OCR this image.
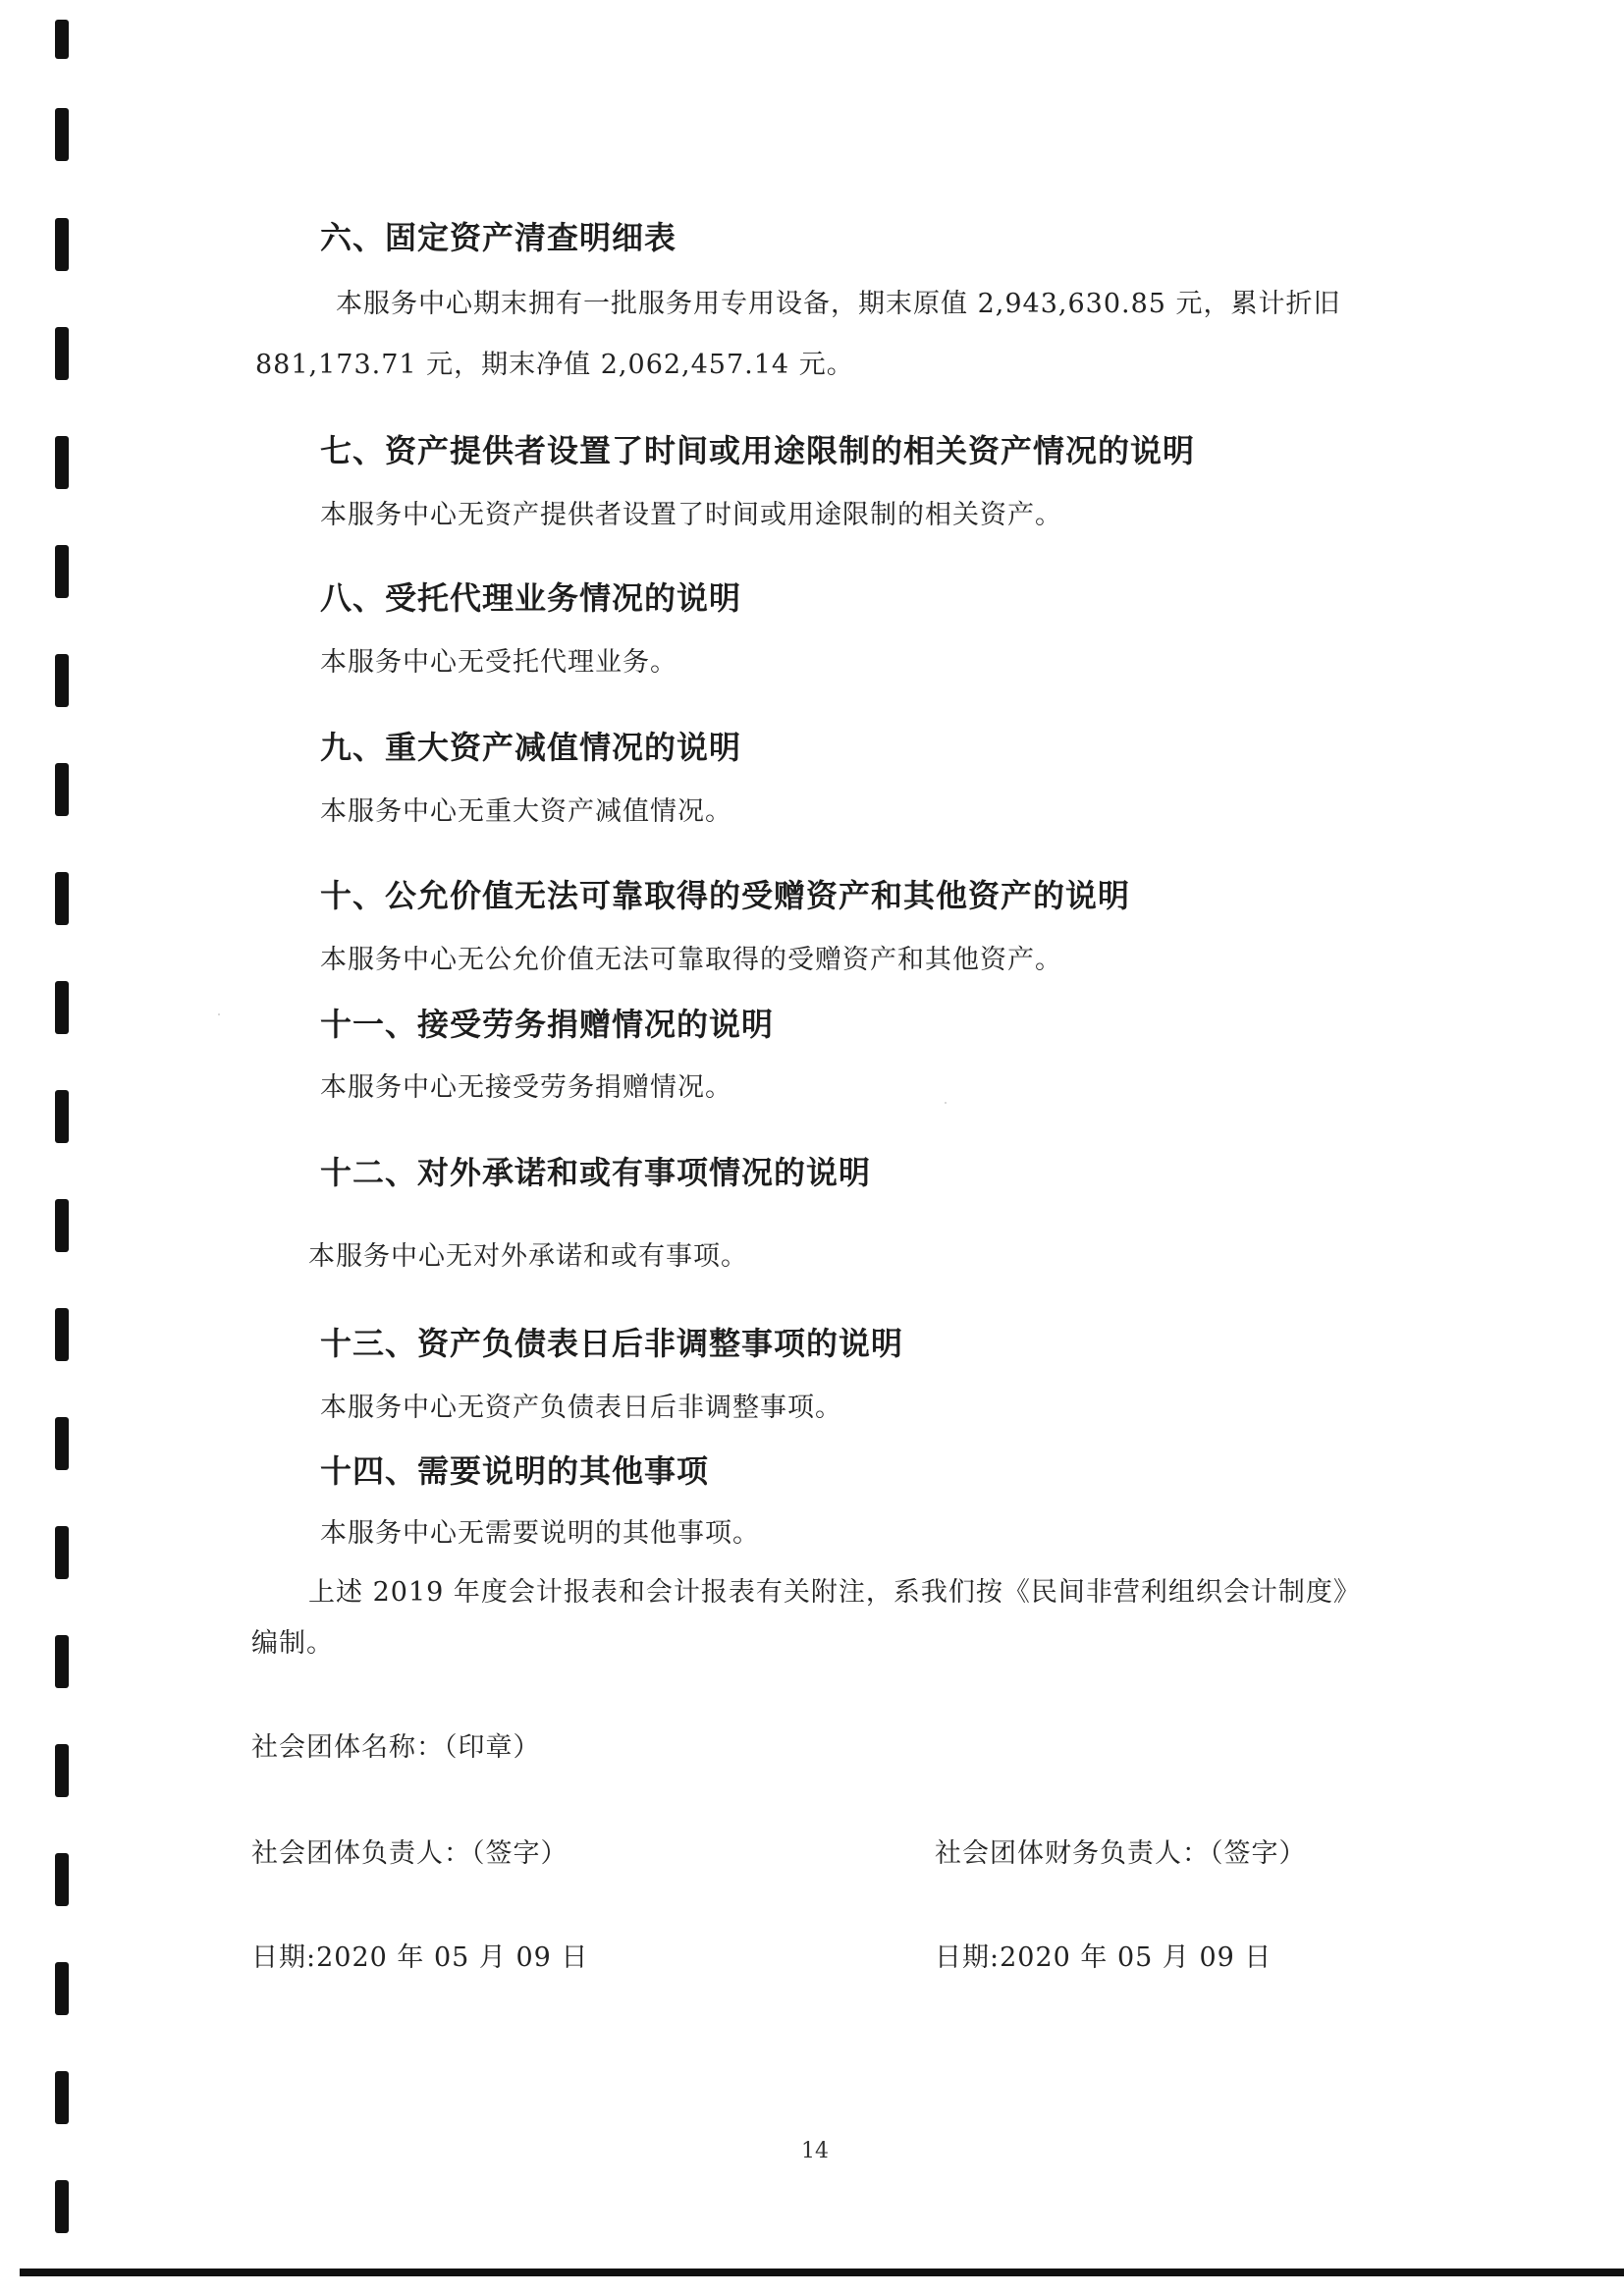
六、固定资产清查明细表
本服务中心期末拥有一批服务用专用设备，期末原值 2,943,630.85 元，累计折旧
881,173.71 元，期末净值 2,062,457.14 元。
七、资产提供者设置了时间或用途限制的相关资产情况的说明
本服务中心无资产提供者设置了时间或用途限制的相关资产。
八、受托代理业务情况的说明
本服务中心无受托代理业务。
九、重大资产减值情况的说明
本服务中心无重大资产减值情况。
十、公允价值无法可靠取得的受赠资产和其他资产的说明
本服务中心无公允价值无法可靠取得的受赠资产和其他资产。
十一、接受劳务捐赠情况的说明
本服务中心无接受劳务捐赠情况。
十二、对外承诺和或有事项情况的说明
本服务中心无对外承诺和或有事项。
十三、资产负债表日后非调整事项的说明
本服务中心无资产负债表日后非调整事项。
十四、需要说明的其他事项
本服务中心无需要说明的其他事项。
上述 2019 年度会计报表和会计报表有关附注，系我们按《民间非营利组织会计制度》
编制。
社会团体名称：（印章）
社会团体负责人：（签字）	社会团体财务负责人：（签字）
日期:2020 年 05 月 09 日	日期:2020 年 05 月 09 日
14
